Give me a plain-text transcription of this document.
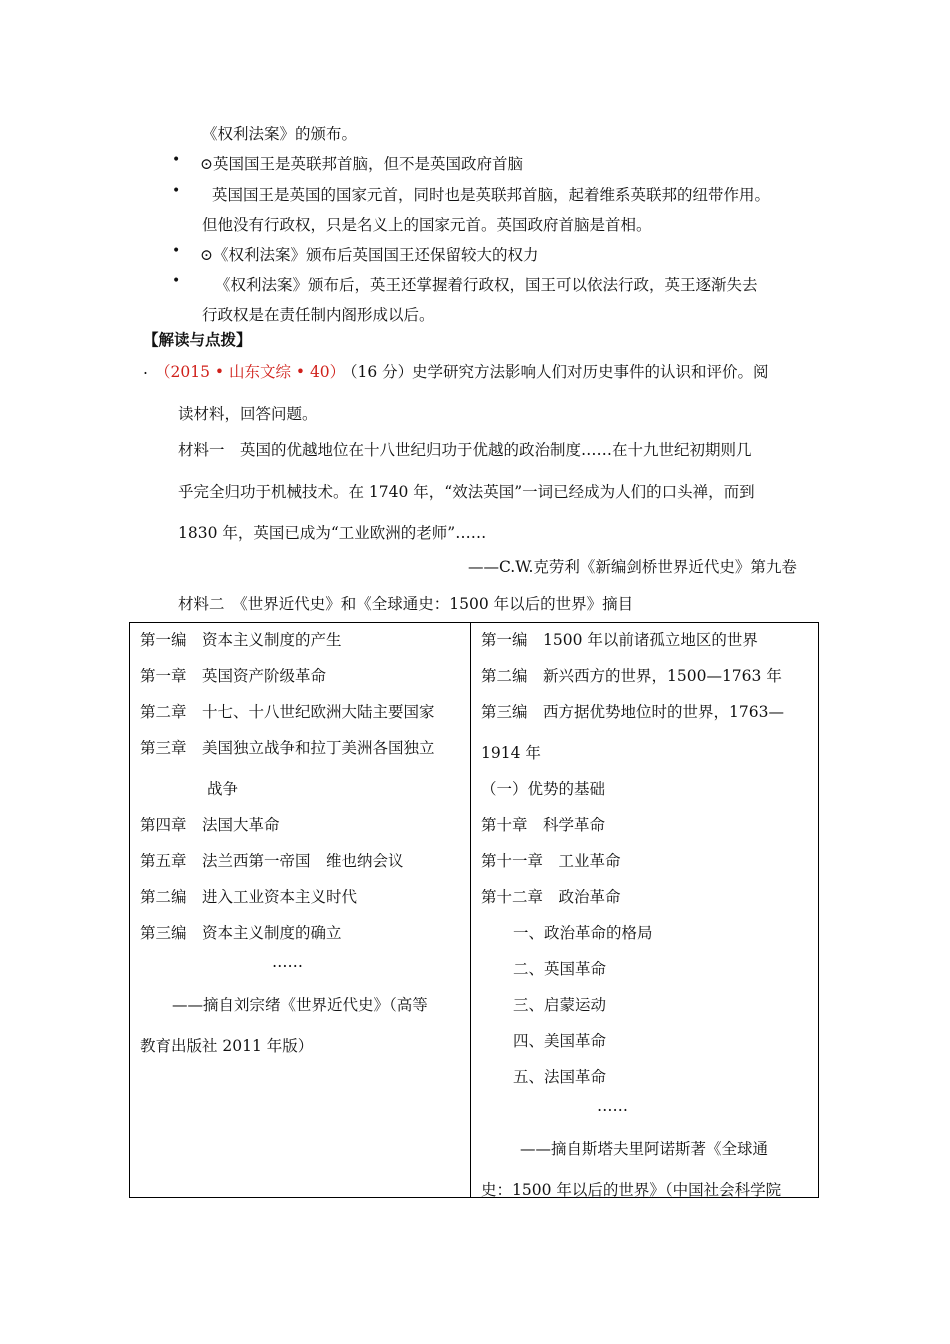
《权利法案》的颁布。
• ⊙英国国王是英联邦首脑，但不是英国政府首脑
• 英国国王是英国的国家元首，同时也是英联邦首脑，起着维系英联邦的纽带作用。
但他没有行政权，只是名义上的国家元首。英国政府首脑是首相。
• ⊙《权利法案》颁布后英国国王还保留较大的权力
• 《权利法案》颁布后，英王还掌握着行政权，国王可以依法行政，英王逐渐失去
行政权是在责任制内阁形成以后。
【解读与点拨】
. （2015 • 山东文综 • 40）
（16 分）
史学研究方法影响人们对历史事件的认识和评价。阅
读材料，回答问题。
材料一　英国的优越地位在十八世纪归功于优越的政治制度……在十九世纪初期则几
乎完全归功于机械技术。在 1740 年，“效法英国”一词已经成为人们的口头禅，而到
1830 年，英国已成为“工业欧洲的老师”……
——C.W.克劳利《新编剑桥世界近代史》第九卷
材料二　《世界近代史》和《全球通史：1500 年以后的世界》摘目
第一编　资本主义制度的产生
第一章　英国资产阶级革命
第二章　十七、十八世纪欧洲大陆主要国家
第三章　美国独立战争和拉丁美洲各国独立
战争
第四章　法国大革命
第五章　法兰西第一帝国　维也纳会议
第二编　进入工业资本主义时代
第三编　资本主义制度的确立
……
——摘自刘宗绪《世界近代史》（高等
教育出版社 2011 年版）
第一编　1500 年以前诸孤立地区的世界
第二编　新兴西方的世界，1500—1763 年
第三编　西方据优势地位时的世界，1763—
1914 年
（一）优势的基础
第十章　科学革命
第十一章　工业革命
第十二章　政治革命
一、政治革命的格局
二、英国革命
三、启蒙运动
四、美国革命
五、法国革命
……
——摘自斯塔夫里阿诺斯著《全球通
史：1500 年以后的世界》（中国社会科学院
